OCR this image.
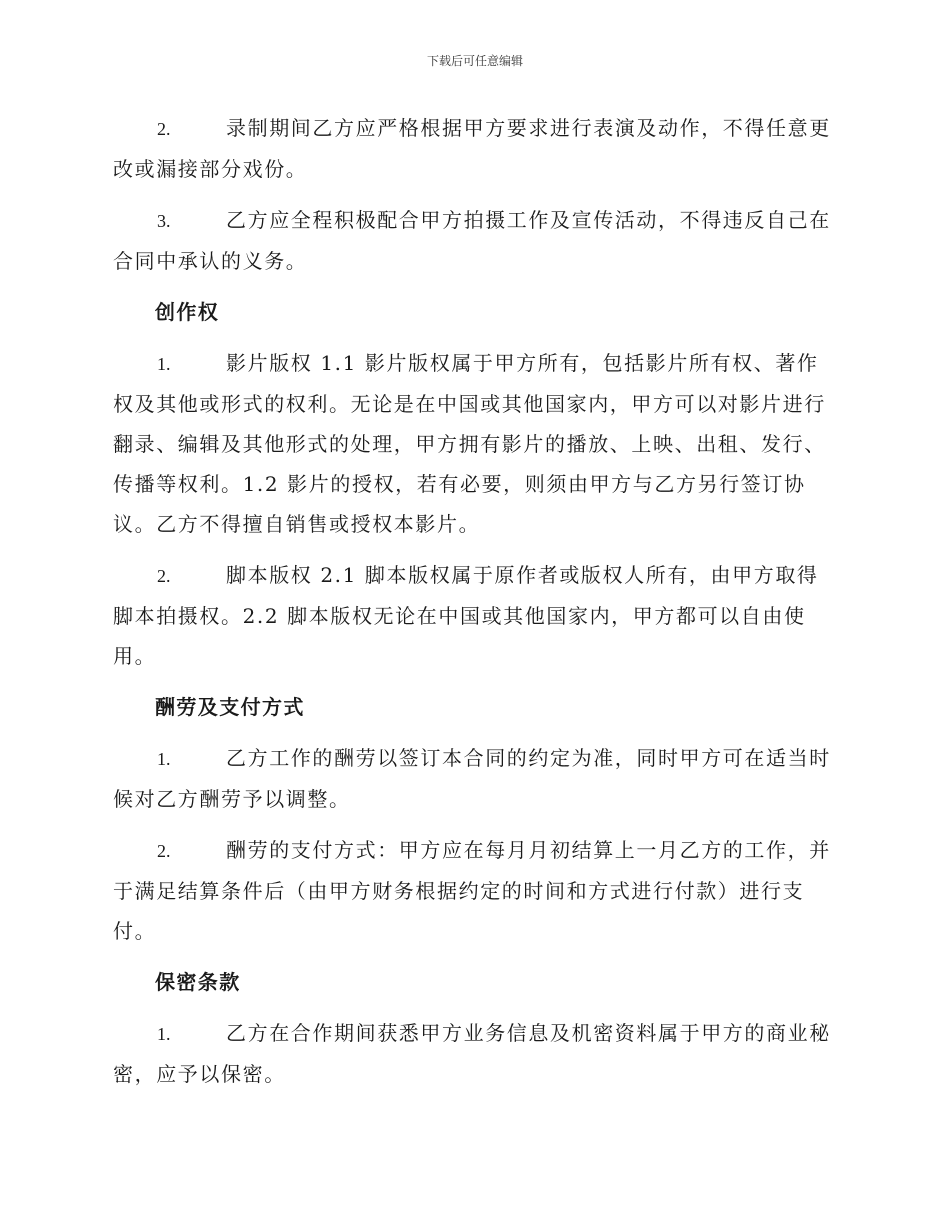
下载后可任意编辑

2.	录制期间乙方应严格根据甲方要求进行表演及动作，不得任意更改或漏接部分戏份。

3.	乙方应全程积极配合甲方拍摄工作及宣传活动，不得违反自己在合同中承认的义务。

创作权

1.	影片版权 1.1 影片版权属于甲方所有，包括影片所有权、著作权及其他或形式的权利。无论是在中国或其他国家内，甲方可以对影片进行翻录、编辑及其他形式的处理，甲方拥有影片的播放、上映、出租、发行、传播等权利。1.2 影片的授权，若有必要，则须由甲方与乙方另行签订协议。乙方不得擅自销售或授权本影片。

2.	脚本版权 2.1 脚本版权属于原作者或版权人所有，由甲方取得脚本拍摄权。2.2 脚本版权无论在中国或其他国家内，甲方都可以自由使用。

酬劳及支付方式

1.	乙方工作的酬劳以签订本合同的约定为准，同时甲方可在适当时候对乙方酬劳予以调整。

2.	酬劳的支付方式：甲方应在每月月初结算上一月乙方的工作，并于满足结算条件后（由甲方财务根据约定的时间和方式进行付款）进行支付。

保密条款

1.	乙方在合作期间获悉甲方业务信息及机密资料属于甲方的商业秘密，应予以保密。
